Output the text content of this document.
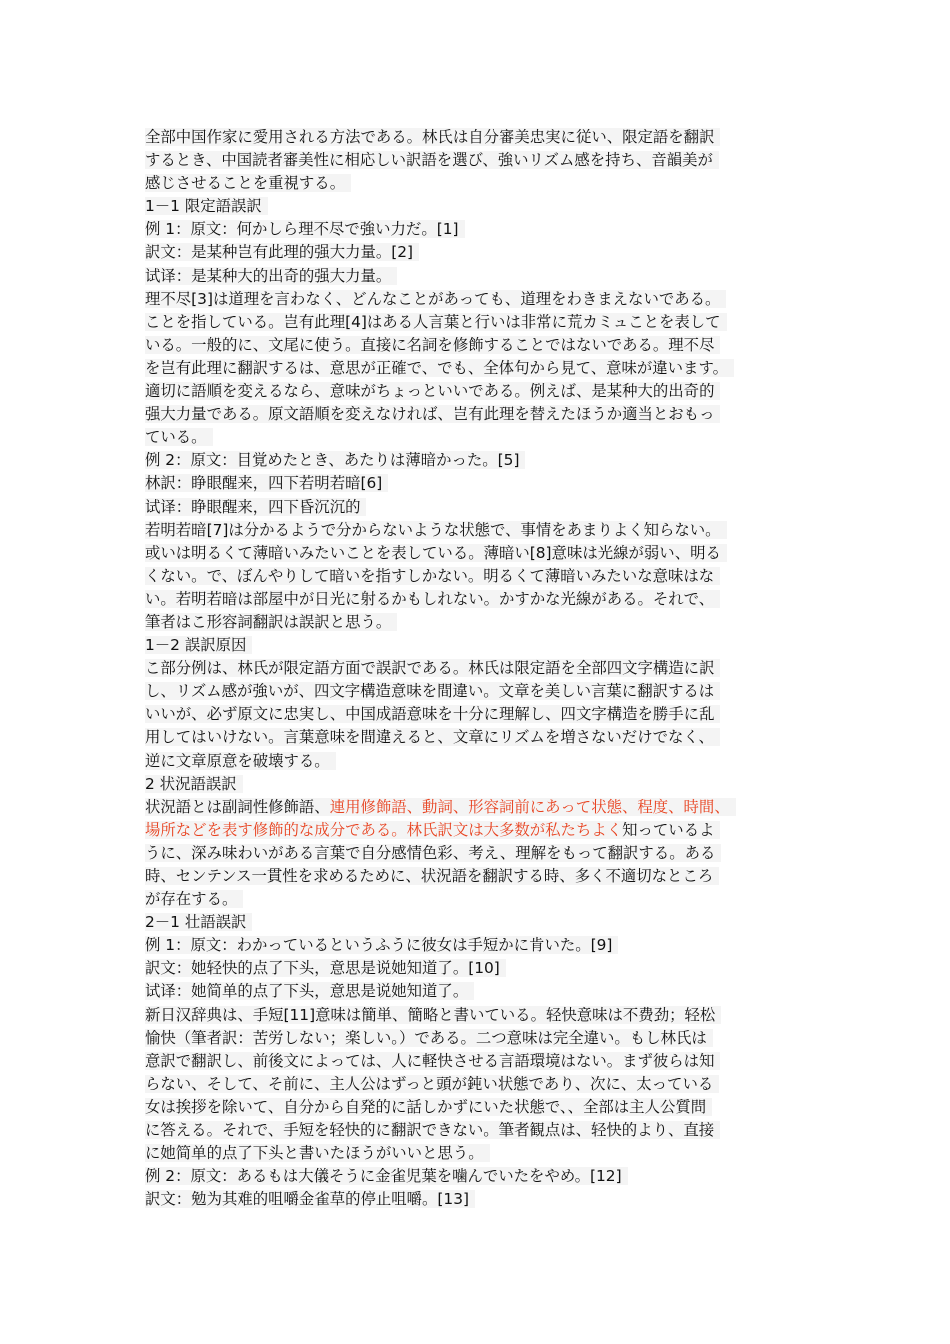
全部中国作家に愛用される方法である。林氏は自分審美忠実に従い、限定語を翻訳
するとき、中国読者審美性に相応しい訳語を選び、強いリズム感を持ち、音韻美が
感じさせることを重視する。
1－1 限定語誤訳
例 1：原文：何かしら理不尽で強い力だ。[1]
訳文：是某种岂有此理的强大力量。[2]
试译：是某种大的出奇的强大力量。
理不尽[3]は道理を言わなく、どんなことがあっても、道理をわきまえないである。
ことを指している。岂有此理[4]はある人言葉と行いは非常に荒カミュことを表して
いる。一般的に、文尾に使う。直接に名詞を修飾することではないである。理不尽
を岂有此理に翻訳するは、意思が正確で、でも、全体句から見て、意味が違います。
適切に語順を変えるなら、意味がちょっといいである。例えば、是某种大的出奇的
强大力量である。原文語順を変えなければ、岂有此理を替えたほうか適当とおもっ
ている。
例 2：原文：目覚めたとき、あたりは薄暗かった。[5]
林訳：睁眼醒来，四下若明若暗[6]
试译：睁眼醒来，四下昏沉沉的
若明若暗[7]は分かるようで分からないような状態で、事情をあまりよく知らない。
或いは明るくて薄暗いみたいことを表している。薄暗い[8]意味は光線が弱い、明る
くない。で、ぼんやりして暗いを指すしかない。明るくて薄暗いみたいな意味はな
い。若明若暗は部屋中が日光に射るかもしれない。かすかな光線がある。それで、
筆者はこ形容詞翻訳は誤訳と思う。
1－2 誤訳原因
こ部分例は、林氏が限定語方面で誤訳である。林氏は限定語を全部四文字構造に訳
し、リズム感が強いが、四文字構造意味を間違い。文章を美しい言葉に翻訳するは
いいが、必ず原文に忠実し、中国成語意味を十分に理解し、四文字構造を勝手に乱
用してはいけない。言葉意味を間違えると、文章にリズムを増さないだけでなく、
逆に文章原意を破壊する。
2 状況語誤訳
状況語とは副詞性修飾語、連用修飾語、動詞、形容詞前にあって状態、程度、時間、
場所などを表す修飾的な成分である。林氏訳文は大多数が私たちよく知っているよ
うに、深み味わいがある言葉で自分感情色彩、考え、理解をもって翻訳する。ある
時、センテンス一貫性を求めるために、状況語を翻訳する時、多く不適切なところ
が存在する。
2－1 壮語誤訳
例 1：原文：わかっているというふうに彼女は手短かに肯いた。[9]
訳文：她轻快的点了下头，意思是说她知道了。[10]
试译：她简单的点了下头，意思是说她知道了。
新日汉辞典は、手短[11]意味は簡単、簡略と書いている。轻快意味は不费劲；轻松
愉快（筆者訳：苦労しない；楽しい。）である。二つ意味は完全違い。もし林氏は
意訳で翻訳し、前後文によっては、人に軽快させる言語環境はない。まず彼らは知
らない、そして、そ前に、主人公はずっと頭が鈍い状態であり、次に、太っている
女は挨拶を除いて、自分から自発的に話しかずにいた状態で、、全部は主人公質問
に答える。それで、手短を轻快的に翻訳できない。筆者観点は、轻快的より、直接
に她简单的点了下头と書いたほうがいいと思う。
例 2：原文：あるもは大儀そうに金雀児葉を噛んでいたをやめ。[12]
訳文：勉为其难的咀嚼金雀草的停止咀嚼。[13]
